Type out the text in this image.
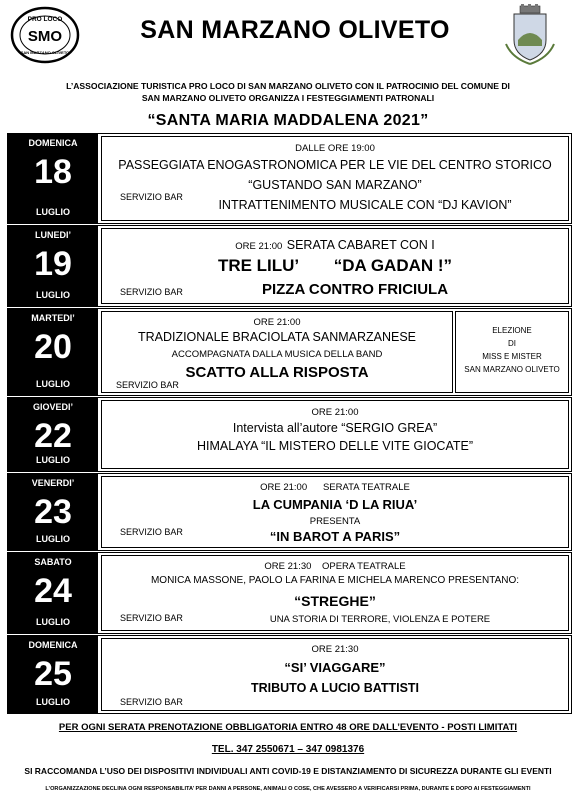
PRO LOCO
SMO
SAN MARZANO OLIVETO
SAN MARZANO OLIVETO
L’ASSOCIAZIONE TURISTICA PRO LOCO DI SAN MARZANO OLIVETO CON IL PATROCINIO DEL COMUNE DI
SAN MARZANO OLIVETO ORGANIZZA I FESTEGGIAMENTI PATRONALI
“SANTA MARIA MADDALENA 2021”
DOMENICA
18
LUGLIO
DALLE ORE 19:00
PASSEGGIATA ENOGASTRONOMICA PER LE VIE DEL CENTRO STORICO
“GUSTANDO SAN MARZANO”
INTRATTENIMENTO MUSICALE CON “DJ KAVION”
SERVIZIO BAR
LUNEDI’
19
LUGLIO
ORE 21:00 SERATA CABARET CON I
TRE LILU’ “DA GADAN !”
PIZZA CONTRO FRICIULA
SERVIZIO BAR
MARTEDI’
20
LUGLIO
ORE 21:00
TRADIZIONALE BRACIOLATA SANMARZANESE
ACCOMPAGNATA DALLA MUSICA DELLA BAND
SCATTO ALLA RISPOSTA
SERVIZIO BAR
ELEZIONE
DI
MISS E MISTER
SAN MARZANO OLIVETO
GIOVEDI’
22
LUGLIO
ORE 21:00
Intervista all’autore “SERGIO GREA”
HIMALAYA “IL MISTERO DELLE VITE GIOCATE”
VENERDI’
23
LUGLIO
ORE 21:00      SERATA TEATRALE
LA CUMPANIA ‘D LA RIUA’
PRESENTA
“IN BAROT A PARIS”
SERVIZIO BAR
SABATO
24
LUGLIO
ORE 21:30    OPERA TEATRALE
MONICA MASSONE, PAOLO LA FARINA E MICHELA MARENCO PRESENTANO:
“STREGHE”
UNA STORIA DI TERRORE, VIOLENZA E POTERE
SERVIZIO BAR
DOMENICA
25
LUGLIO
ORE 21:30
“SI’ VIAGGARE”
TRIBUTO A LUCIO BATTISTI
SERVIZIO BAR
PER OGNI SERATA PRENOTAZIONE OBBLIGATORIA ENTRO 48 ORE DALL’EVENTO - POSTI LIMITATI
TEL. 347 2550671 – 347 0981376
SI RACCOMANDA L’USO DEI DISPOSITIVI INDIVIDUALI ANTI COVID-19 E DISTANZIAMENTO DI SICUREZZA DURANTE GLI EVENTI
L’ORGANIZZAZIONE DECLINA OGNI RESPONSABILITA’ PER DANNI A PERSONE, ANIMALI O COSE, CHE AVESSERO A VERIFICARSI PRIMA, DURANTE E DOPO AI FESTEGGIAMENTI
